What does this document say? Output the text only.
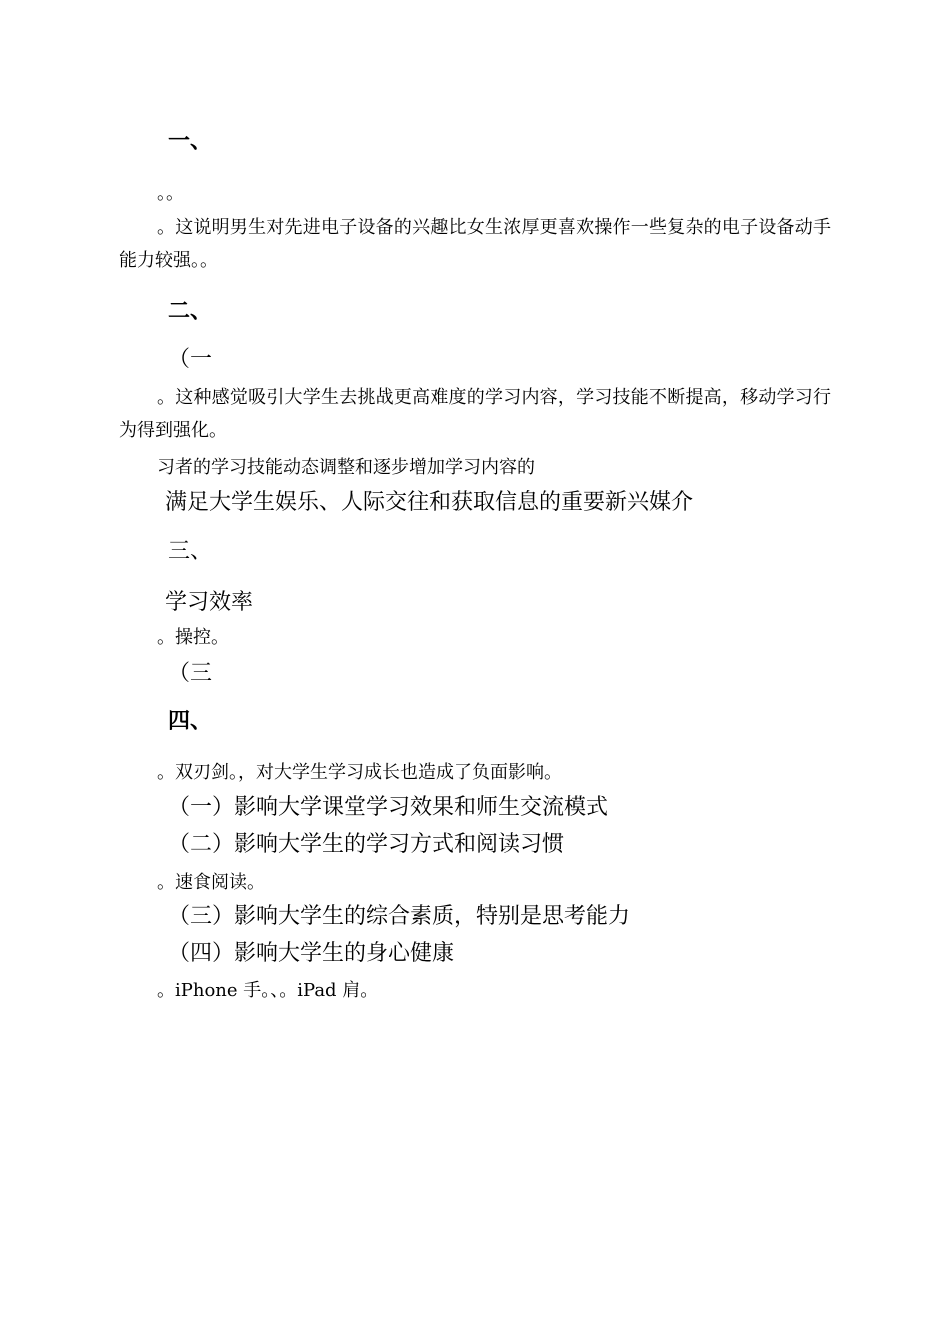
一、
。。
。这说明男生对先进电子设备的兴趣比女生浓厚更喜欢操作一些复杂的电子设备动手能力较强。。
二、
（一
。这种感觉吸引大学生去挑战更高难度的学习内容，学习技能不断提高，移动学习行为得到强化。
习者的学习技能动态调整和逐步增加学习内容的
满足大学生娱乐、人际交往和获取信息的重要新兴媒介
三、
学习效率
。操控。
（三
四、
。双刃剑。，对大学生学习成长也造成了负面影响。
（一）影响大学课堂学习效果和师生交流模式
（二）影响大学生的学习方式和阅读习惯
。速食阅读。
（三）影响大学生的综合素质，特别是思考能力
（四）影响大学生的身心健康
。iPhone 手。、。iPad 肩。
